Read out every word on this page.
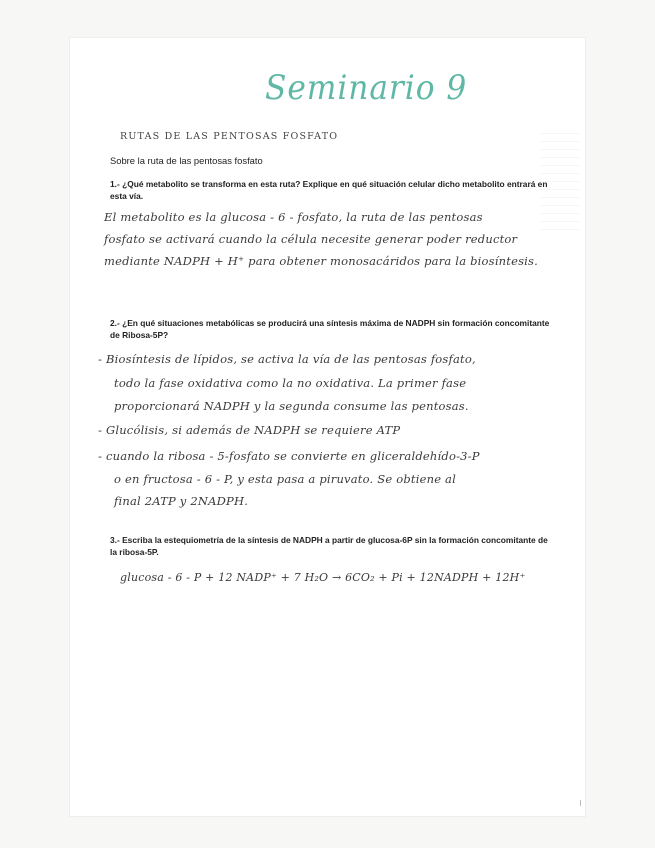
Seminario 9
RUTAS DE LAS PENTOSAS FOSFATO
Sobre la ruta de las pentosas fosfato
1.- ¿Qué metabolito se transforma en esta ruta? Explique en qué situación celular dicho metabolito entrará en esta vía.
El metabolito es la glucosa - 6 - fosfato, la ruta de las pentosas
fosfato se activará cuando la célula necesite generar poder reductor
mediante NADPH + H⁺ para obtener monosacáridos para la biosíntesis.
2.- ¿En qué situaciones metabólicas se producirá una síntesis máxima de NADPH sin formación concomitante de Ribosa-5P?
- Biosíntesis de lípidos, se activa la vía de las pentosas fosfato,
todo la fase oxidativa como la no oxidativa. La primer fase
proporcionará NADPH y la segunda consume las pentosas.
- Glucólisis, si además de NADPH se requiere ATP
- cuando la ribosa - 5-fosfato se convierte en gliceraldehído-3-P
o en fructosa - 6 - P, y esta pasa a piruvato. Se obtiene al
final 2ATP y 2NADPH.
3.- Escriba la estequiometría de la síntesis de NADPH a partir de glucosa-6P sin la formación concomitante de la ribosa-5P.
glucosa - 6 - P + 12 NADP⁺ + 7 H₂O → 6CO₂ + Pi + 12NADPH + 12H⁺
